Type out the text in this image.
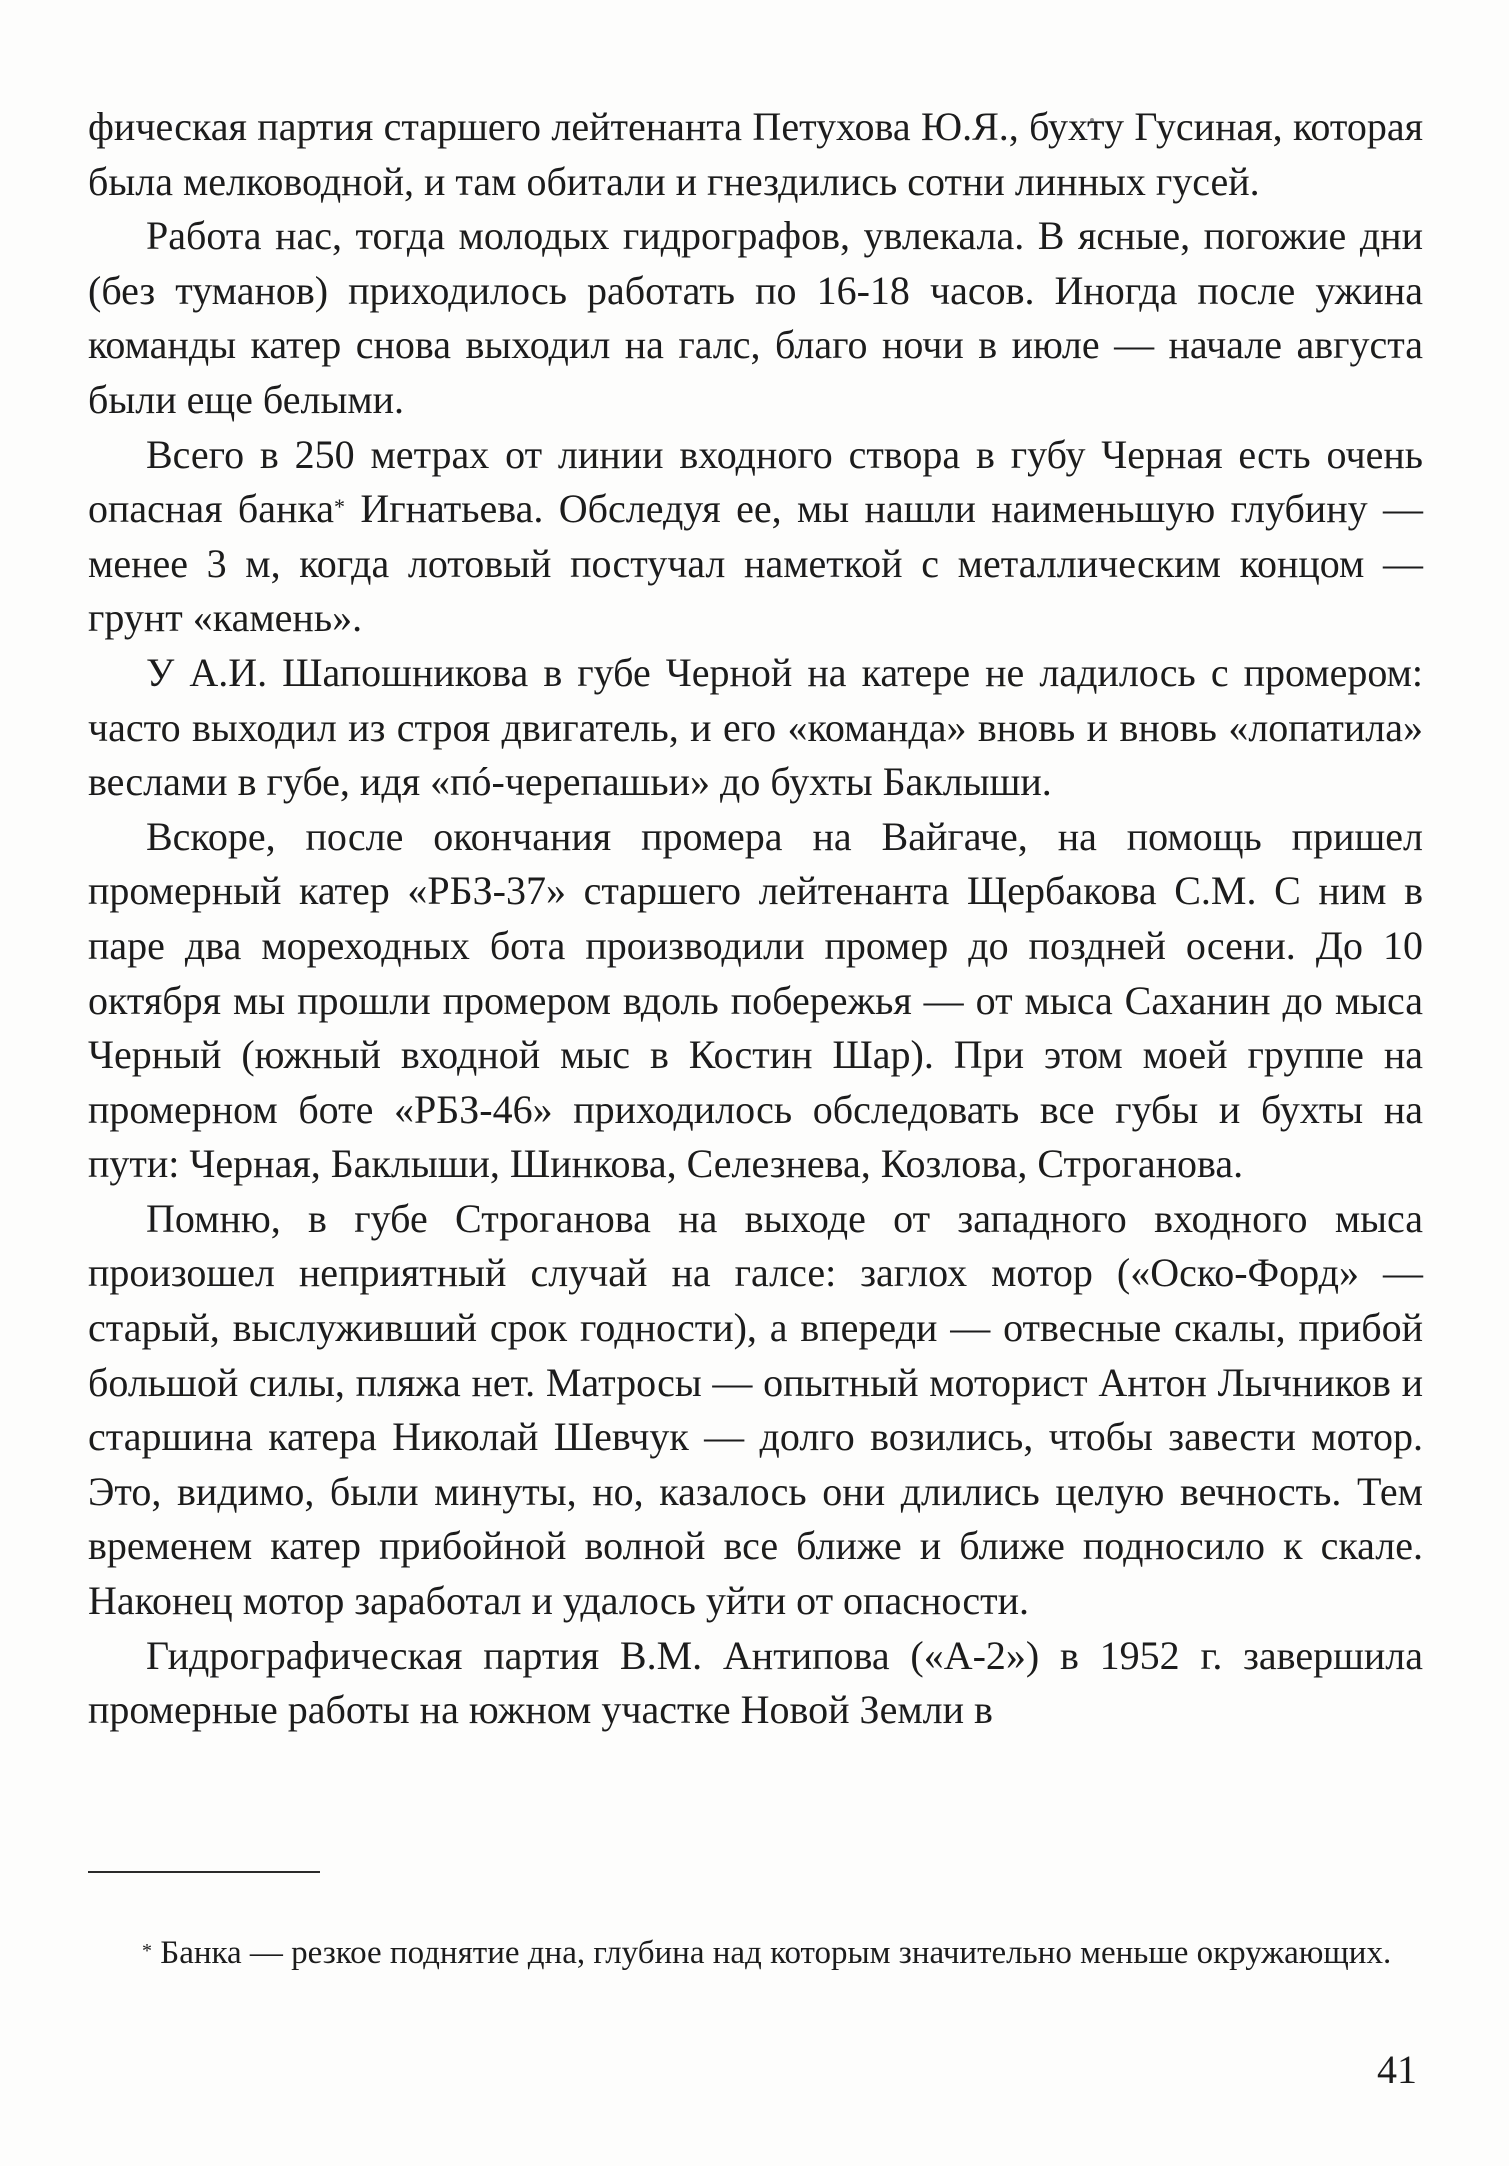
фическая партия старшего лейтенанта Петухова Ю.Я., бухту Гусиная, которая была мелководной, и там обитали и гнездились сотни линных гусей.

Работа нас, тогда молодых гидрографов, увлекала. В ясные, погожие дни (без туманов) приходилось работать по 16-18 часов. Иногда после ужина команды катер снова выходил на галс, благо ночи в июле — начале августа были еще белыми.

Всего в 250 метрах от линии входного створа в губу Черная есть очень опасная банка* Игнатьева. Обследуя ее, мы нашли наименьшую глубину — менее 3 м, когда лотовый постучал наметкой с металлическим концом — грунт «камень».

У А.И. Шапошникова в губе Черной на катере не ладилось с промером: часто выходил из строя двигатель, и его «команда» вновь и вновь «лопатила» веслами в губе, идя «пó-черепашьи» до бухты Баклыши.

Вскоре, после окончания промера на Вайгаче, на помощь пришел промерный катер «РБЗ-37» старшего лейтенанта Щербакова С.М. С ним в паре два мореходных бота производили промер до поздней осени. До 10 октября мы прошли промером вдоль побережья — от мыса Саханин до мыса Черный (южный входной мыс в Костин Шар). При этом моей группе на промерном боте «РБЗ-46» приходилось обследовать все губы и бухты на пути: Черная, Баклыши, Шинкова, Селезнева, Козлова, Строганова.

Помню, в губе Строганова на выходе от западного входного мыса произошел неприятный случай на галсе: заглох мотор («Оско-Форд» — старый, выслуживший срок годности), а впереди — отвесные скалы, прибой большой силы, пляжа нет. Матросы — опытный моторист Антон Лычников и старшина катера Николай Шевчук — долго возились, чтобы завести мотор. Это, видимо, были минуты, но, казалось они длились целую вечность. Тем временем катер прибойной волной все ближе и ближе подносило к скале. Наконец мотор заработал и удалось уйти от опасности.

Гидрографическая партия В.М. Антипова («А-2») в 1952 г. завершила промерные работы на южном участке Новой Земли в

* Банка — резкое поднятие дна, глубина над которым значительно меньше окружающих.

41
